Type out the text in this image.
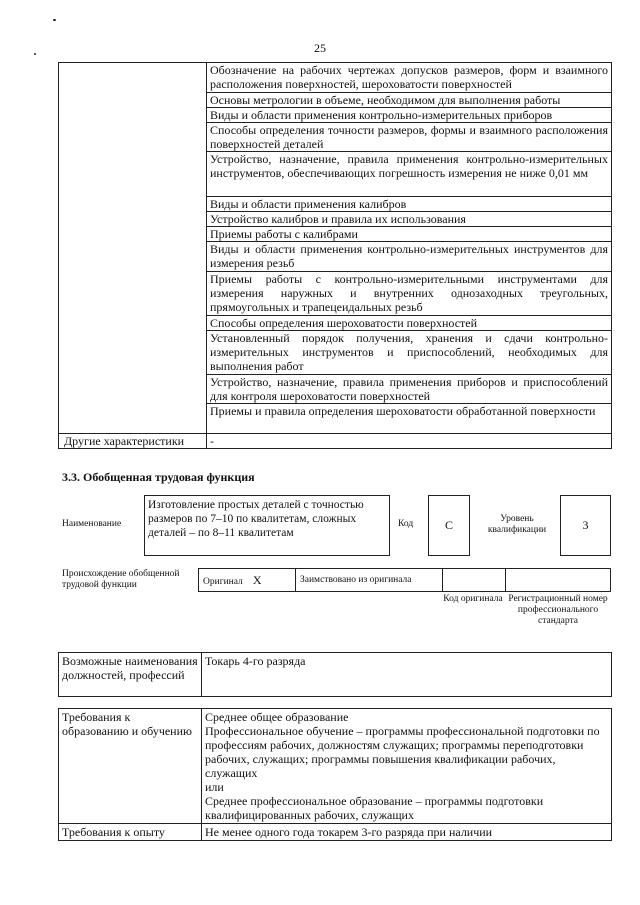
25
	Обозначение на рабочих чертежах допусков размеров, форм и взаимного расположения поверхностей, шероховатости поверхностей
	Основы метрологии в объеме, необходимом для выполнения работы
	Виды и области применения контрольно-измерительных приборов
	Способы определения точности размеров, формы и взаимного расположения поверхностей деталей
	Устройство, назначение, правила применения контрольно-измерительных инструментов, обеспечивающих погрешность измерения не ниже 0,01 мм
	Виды и области применения калибров
	Устройство калибров и правила их использования
	Приемы работы с калибрами
	Виды и области применения контрольно-измерительных инструментов для измерения резьб
	Приемы работы с контрольно-измерительными инструментами для измерения наружных и внутренних однозаходных треугольных, прямоугольных и трапецеидальных резьб
	Способы определения шероховатости поверхностей
	Установленный порядок получения, хранения и сдачи контрольно-измерительных инструментов и приспособлений, необходимых для выполнения работ
	Устройство, назначение, правила применения приборов и приспособлений для контроля шероховатости поверхностей
	Приемы и правила определения шероховатости обработанной поверхности
Другие характеристики	-
3.3. Обобщенная трудовая функция
Наименование
Изготовление простых деталей с точностью размеров по 7–10 по квалитетам, сложных деталей – по 8–11 квалитетам
Код	C	Уровень квалификации	3
Происхождение обобщенной трудовой функции	Оригинал X	Заимствовано из оригинала		
Код оригинала Регистрационный номер профессионального стандарта
Возможные наименования должностей, профессий	Токарь 4-го разряда
Требования к образованию и обучению	Среднее общее образование
Профессиональное обучение – программы профессиональной подготовки по профессиям рабочих, должностям служащих; программы переподготовки рабочих, служащих; программы повышения квалификации рабочих, служащих
или
Среднее профессиональное образование – программы подготовки квалифицированных рабочих, служащих

Требования к опыту	Не менее одного года токарем 3-го разряда при наличии
